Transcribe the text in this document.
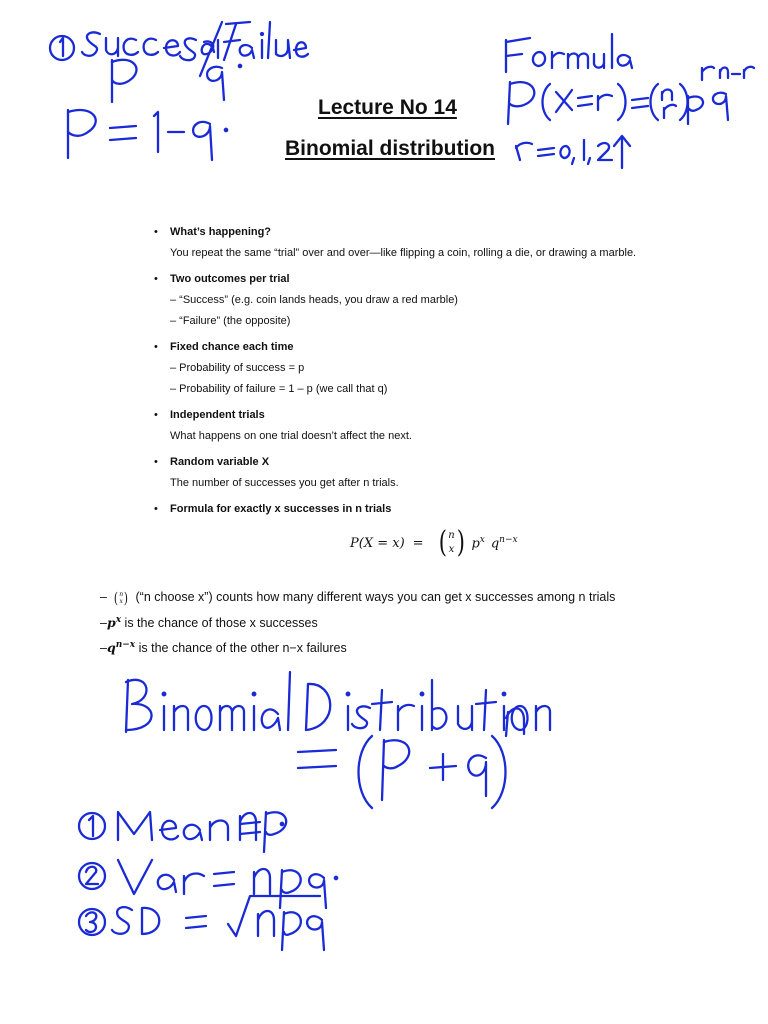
Lecture No 14
Binomial distribution
• What’s happening?
You repeat the same “trial” over and over—like flipping a coin, rolling a die, or drawing a marble.
• Two outcomes per trial
– “Success” (e.g. coin lands heads, you draw a red marble)
– “Failure” (the opposite)
• Fixed chance each time
– Probability of success = p
– Probability of failure = 1 – p (we call that q)
• Independent trials
What happens on one trial doesn’t affect the next.
• Random variable X
The number of successes you get after n trials.
• Formula for exactly x successes in n trials
P(X = x) = ( n
x ) $p^x$ $q^{n-x}$
– ( n
x ) (“n choose x”) counts how many different ways you can get x successes among n trials
$-p^x$ is the chance of those x successes
$-q^{n-x}$ is the chance of the other n−x failures
